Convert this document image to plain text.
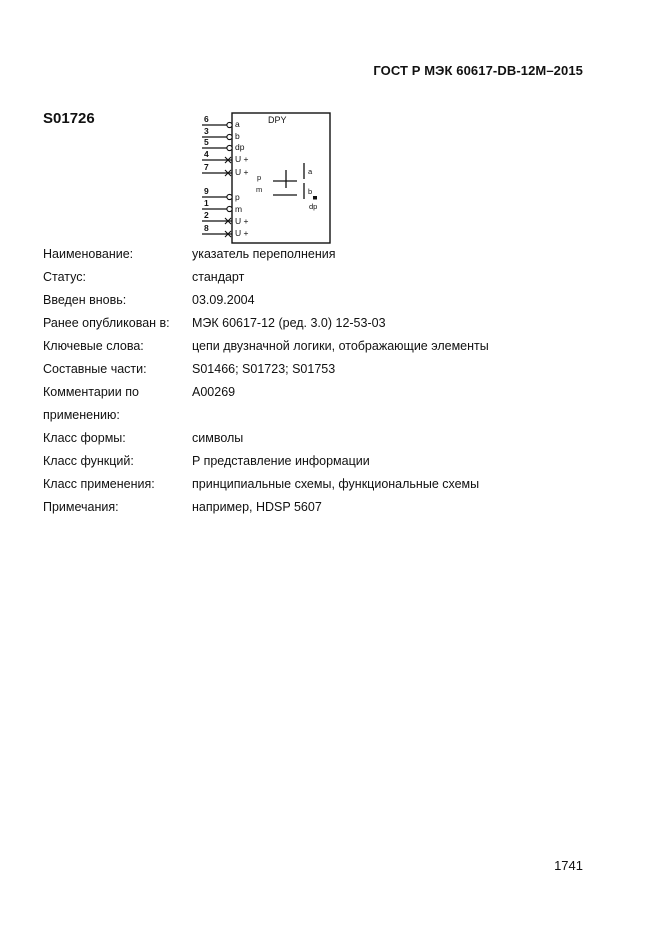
ГОСТ Р МЭК 60617-DB-12M–2015
S01726	DPY
6	a
3	b
5	dp
4	U +
7	U +
9
p
1
m
2
U +
8	U +
p
m
a
b
dp
Наименование:	указатель переполнения
Статус:	стандарт
Введен вновь:	03.09.2004
Ранее опубликован в:	МЭК 60617-12 (ред. 3.0) 12-53-03
Ключевые слова:	цепи двузначной логики, отображающие элементы
Составные части:	S01466; S01723; S01753
Комментарии по	A00269
применению:
Класс формы:	символы
Класс функций:	P представление информации
Класс применения:	принципиальные схемы, функциональные схемы
Примечания:	например, HDSP 5607
1741
